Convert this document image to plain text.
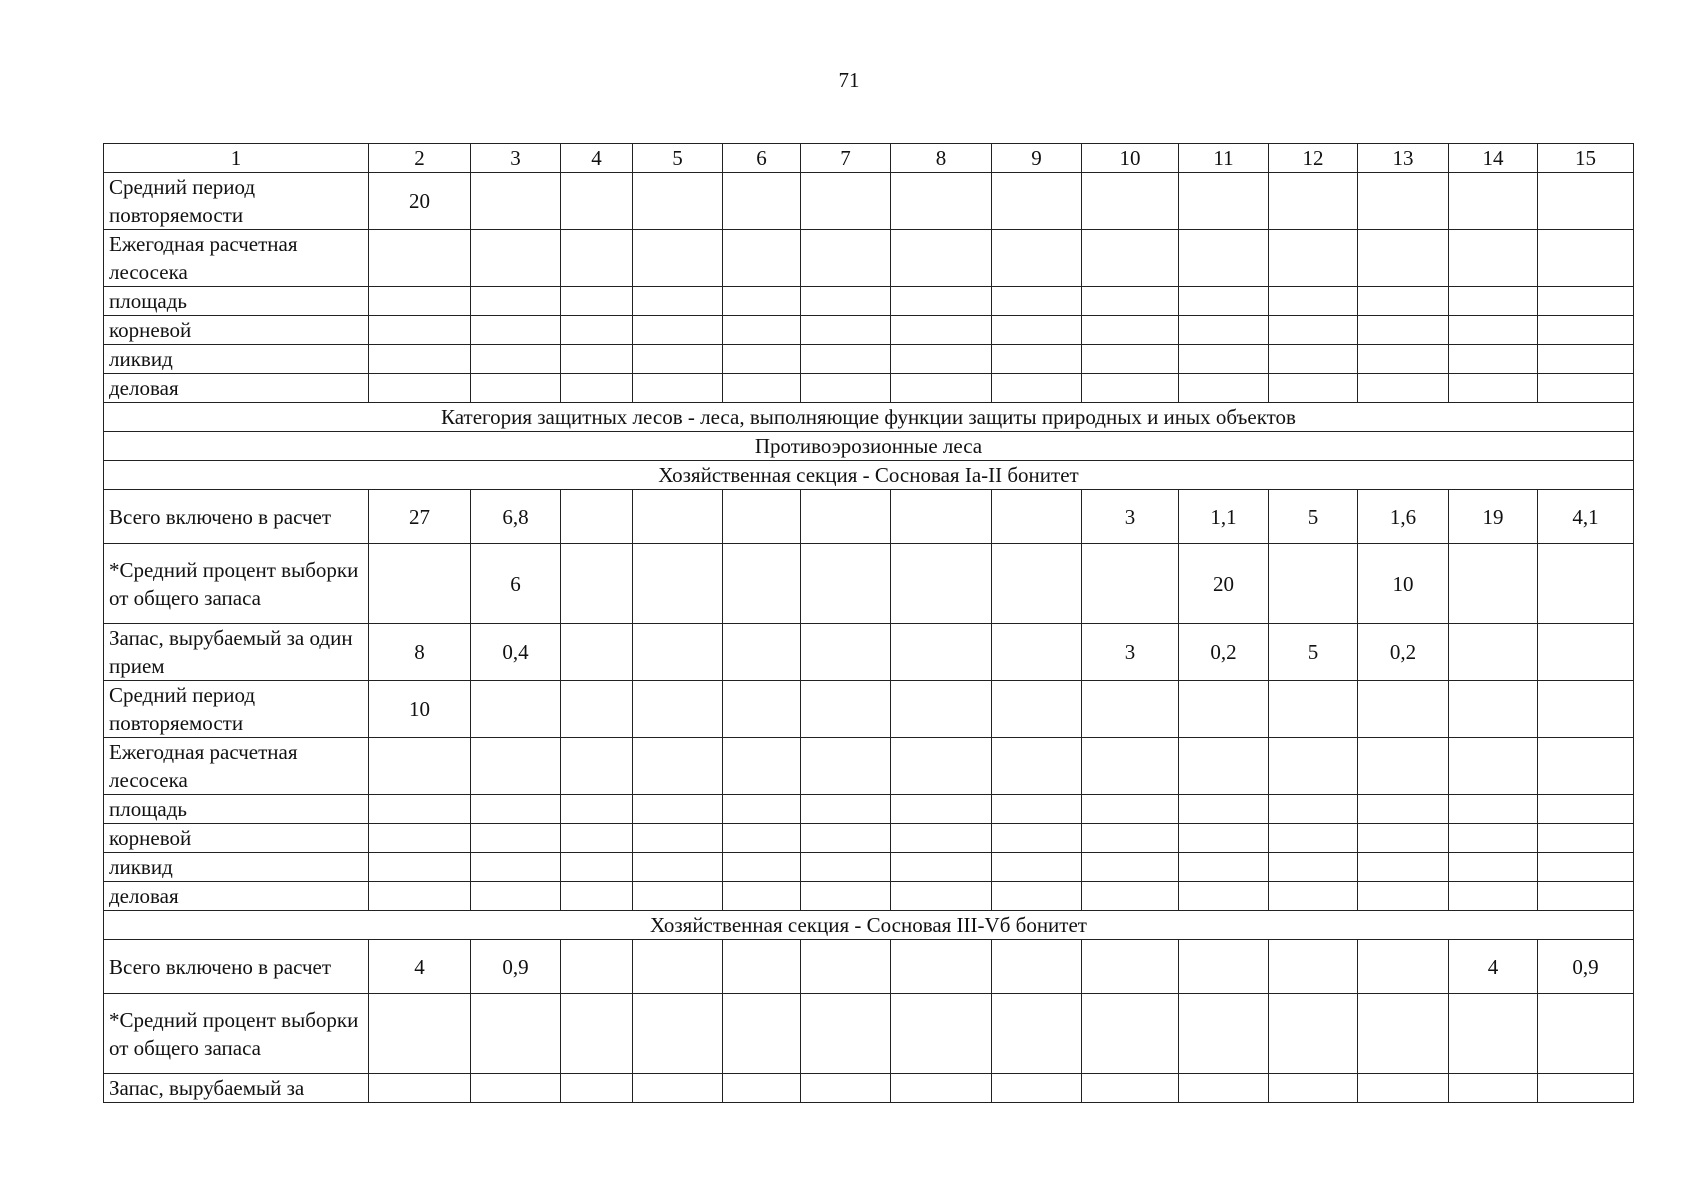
71
1	2	3	4	5	6	7	8	9	10	11	12	13	14	15
Средний период повторяемости	20													
Ежегодная расчетная лесосека														
площадь														
корневой														
ликвид														
деловая														
Категория защитных лесов - леса, выполняющие функции защиты природных и иных объектов														
Противоэрозионные леса														
Хозяйственная секция - Сосновая Iа-II бонитет														
Всего включено в расчет	27	6,8							3	1,1	5	1,6	19	4,1
*Средний процент выборки от общего запаса		6								20		10		
Запас, вырубаемый за один прием	8	0,4							3	0,2	5	0,2		
Средний период повторяемости	10													
Ежегодная расчетная лесосека														
площадь														
корневой														
ликвид														
деловая														
Хозяйственная секция - Сосновая III-Vб бонитет														
Всего включено в расчет	4	0,9											4	0,9
*Средний процент выборки от общего запаса														
Запас, вырубаемый за														
